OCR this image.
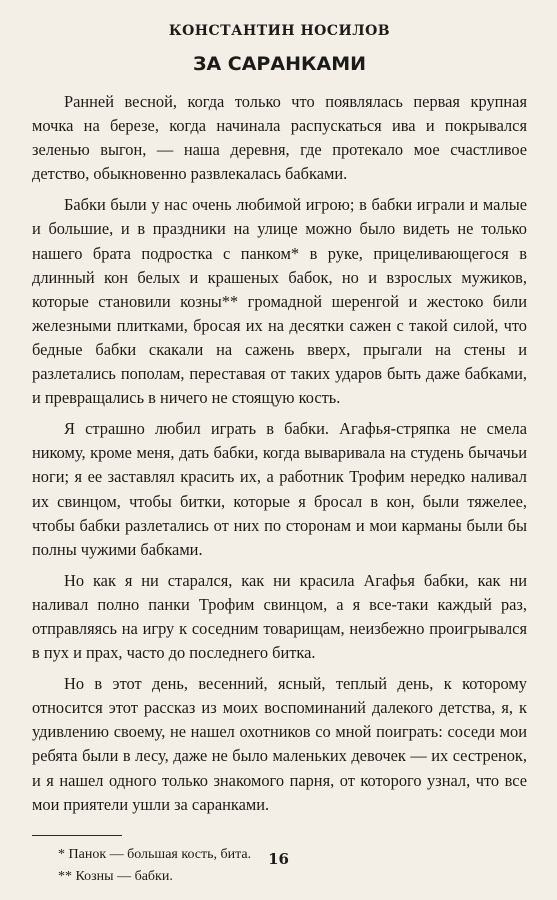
КОНСТАНТИН НОСИЛОВ
ЗА САРАНКАМИ

Ранней весной, когда только что появлялась первая крупная мочка на березе, когда начинала распускаться ива и покрывался зеленью выгон, — наша деревня, где протекало мое счастливое детство, обыкновенно развлекалась бабками.

Бабки были у нас очень любимой игрою; в бабки играли и малые и большие, и в праздники на улице можно было видеть не только нашего брата подростка с панком* в руке, прицеливающегося в длинный кон белых и крашеных бабок, но и взрослых мужиков, которые становили козны** громадной шеренгой и жестоко били железными плитками, бросая их на десятки сажен с такой силой, что бедные бабки скакали на сажень вверх, прыгали на стены и разлетались пополам, переставая от таких ударов быть даже бабками, и превращались в ничего не стоящую кость.

Я страшно любил играть в бабки. Агафья-стряпка не смела никому, кроме меня, дать бабки, когда вываривала на студень бычачьи ноги; я ее заставлял красить их, а работник Трофим нередко наливал их свинцом, чтобы битки, которые я бросал в кон, были тяжелее, чтобы бабки разлетались от них по сторонам и мои карманы были бы полны чужими бабками.

Но как я ни старался, как ни красила Агафья бабки, как ни наливал полно панки Трофим свинцом, а я все-таки каждый раз, отправляясь на игру к соседним товарищам, неизбежно проигрывался в пух и прах, часто до последнего битка.

Но в этот день, весенний, ясный, теплый день, к которому относится этот рассказ из моих воспоминаний далекого детства, я, к удивлению своему, не нашел охотников со мной поиграть: соседи мои ребята были в лесу, даже не было маленьких девочек — их сестренок, и я нашел одного только знакомого парня, от которого узнал, что все мои приятели ушли за саранками.

* Панок — большая кость, бита.

** Козны — бабки.

16
